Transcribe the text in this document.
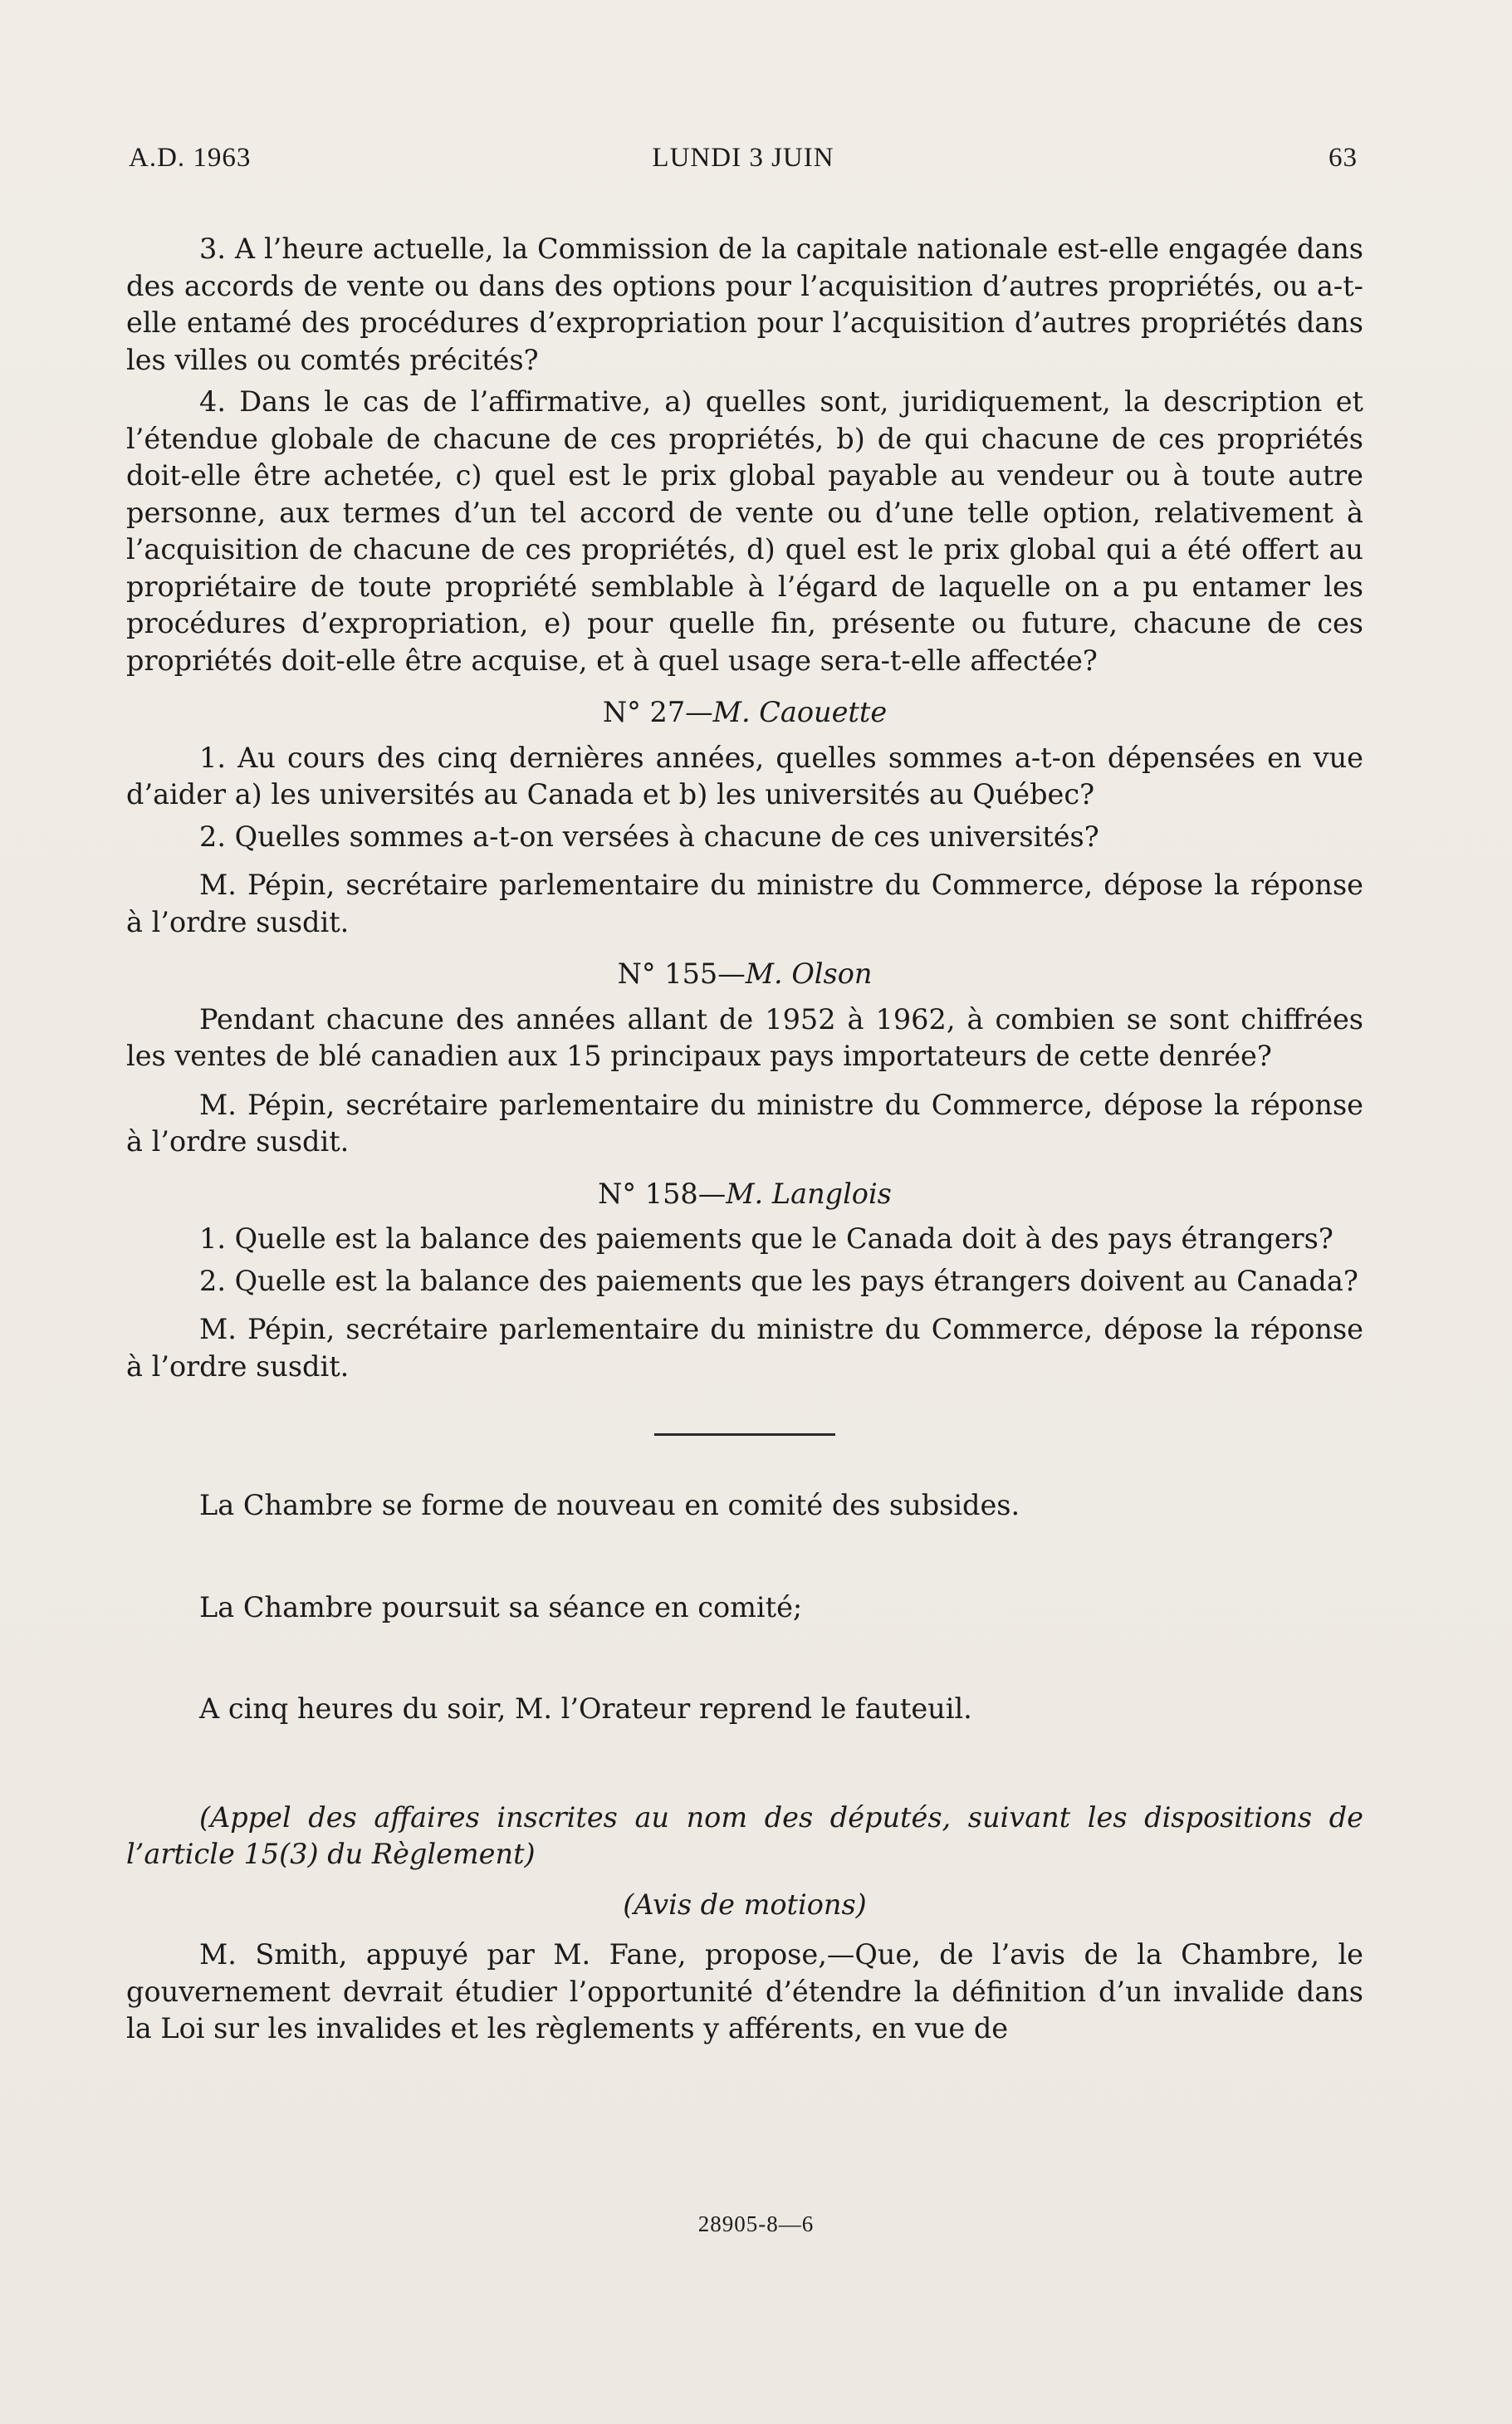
A.D. 1963	LUNDI 3 JUIN	63

3. A l’heure actuelle, la Commission de la capitale nationale est-elle engagée dans des accords de vente ou dans des options pour l’acquisition d’autres propriétés, ou a-t-elle entamé des procédures d’expropriation pour l’acquisition d’autres propriétés dans les villes ou comtés précités?

4. Dans le cas de l’affirmative, a) quelles sont, juridiquement, la description et l’étendue globale de chacune de ces propriétés, b) de qui chacune de ces propriétés doit-elle être achetée, c) quel est le prix global payable au vendeur ou à toute autre personne, aux termes d’un tel accord de vente ou d’une telle option, relativement à l’acquisition de chacune de ces propriétés, d) quel est le prix global qui a été offert au propriétaire de toute propriété semblable à l’égard de laquelle on a pu entamer les procédures d’expropriation, e) pour quelle fin, présente ou future, chacune de ces propriétés doit-elle être acquise, et à quel usage sera-t-elle affectée?

N° 27—M. Caouette

1. Au cours des cinq dernières années, quelles sommes a-t-on dépensées en vue d’aider a) les universités au Canada et b) les universités au Québec?

2. Quelles sommes a-t-on versées à chacune de ces universités?

M. Pépin, secrétaire parlementaire du ministre du Commerce, dépose la réponse à l’ordre susdit.

N° 155—M. Olson

Pendant chacune des années allant de 1952 à 1962, à combien se sont chiffrées les ventes de blé canadien aux 15 principaux pays importateurs de cette denrée?

M. Pépin, secrétaire parlementaire du ministre du Commerce, dépose la réponse à l’ordre susdit.

N° 158—M. Langlois

1. Quelle est la balance des paiements que le Canada doit à des pays étrangers?

2. Quelle est la balance des paiements que les pays étrangers doivent au Canada?

M. Pépin, secrétaire parlementaire du ministre du Commerce, dépose la réponse à l’ordre susdit.

La Chambre se forme de nouveau en comité des subsides.

La Chambre poursuit sa séance en comité;

A cinq heures du soir, M. l’Orateur reprend le fauteuil.

(Appel des affaires inscrites au nom des députés, suivant les dispositions de l’article 15(3) du Règlement)

(Avis de motions)

M. Smith, appuyé par M. Fane, propose,—Que, de l’avis de la Chambre, le gouvernement devrait étudier l’opportunité d’étendre la définition d’un invalide dans la Loi sur les invalides et les règlements y afférents, en vue de

28905-8—6
